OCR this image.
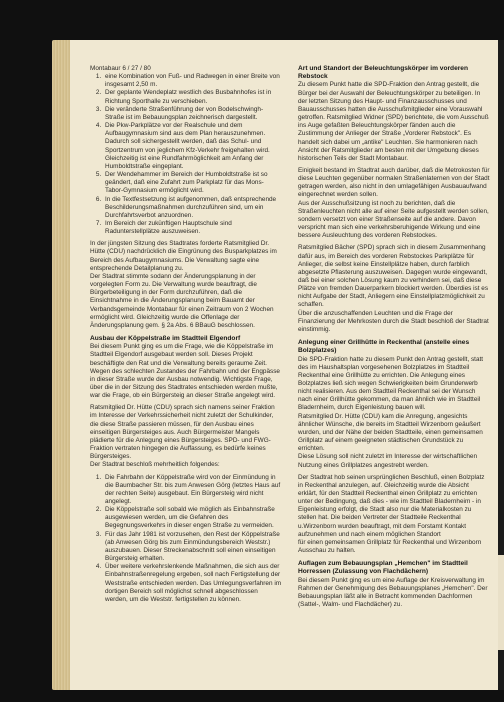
Montabaur 6 / 27 / 80

1. eine Kombination von Fuß- und Radwegen in einer Breite von insgesamt 2,50 m.
2. Der geplante Wendeplatz westlich des Busbahnhofes ist in Richtung Sporthalle zu verschieben.
3. Die veränderte Straßenführung der von Bodelschwingh-Straße ist im Bebauungsplan zeichnerisch dargestellt.
4. Die Pkw-Parkplätze vor der Realschule und dem Aufbaugymnasium sind aus dem Plan herauszunehmen. Dadurch soll sichergestellt werden, daß das Schul- und Sportzentrum von jeglichem Kfz-Verkehr freigehalten wird. Gleichzeitig ist eine Rundfahrmöglichkeit am Anfang der Humboldtstraße eingeplant.
5. Der Wendehammer im Bereich der Humboldtstraße ist so geändert, daß eine Zufahrt zum Parkplatz für das Mons- Tabor-Gymnasium ermöglicht wird.
6. In die Textfestsetzung ist aufgenommen, daß entsprechende Beschilderungsmaßnahmen durchzuführen sind, um ein Durchfahrtsverbot anzuordnen.
7. Im Bereich der zukünftigen Hauptschule sind Radunterstellplätze auszuweisen.

In der jüngsten Sitzung des Stadtrates forderte Ratsmitglied Dr. Hütte (CDU) nachdrücklich die Eingrünung des Busparkplatzes im Bereich des Aufbaugymnasiums. Die Verwaltung sagte eine entsprechende Detailplanung zu.

Der Stadtrat stimmte sodann der Änderungsplanung in der vorgelegten Form zu. Die Verwaltung wurde beauftragt, die Bürgerbeteiligung in der Form durchzuführen, daß die Einsichtnahme in die Änderungsplanung beim Bauamt der Verbandsgemeinde Montabaur für einen Zeitraum von 2 Wochen ermöglicht wird. Gleichzeitig wurde die Offenlage der Änderungsplanung gem. § 2a Abs. 6 BBauG beschlossen.

Ausbau der Köppelstraße im Stadtteil Elgendorf

Bei diesem Punkt ging es um die Frage, wie die Köppelstraße im Stadtteil Elgendorf ausgebaut werden soll. Dieses Projekt beschäftigte den Rat und die Verwaltung bereits geraume Zeit. Wegen des schlechten Zustandes der Fahrbahn und der Engpässe in dieser Straße wurde der Ausbau notwendig. Wichtigste Frage, über die in der Sitzung des Stadtrates entschieden werden mußte, war die Frage, ob ein Bürgersteig an dieser Straße angelegt wird.

Ratsmitglied Dr. Hütte (CDU) sprach sich namens seiner Fraktion im Interesse der Verkehrssicherheit nicht zuletzt der Schulkinder, die diese Straße passieren müssen, für den Ausbau eines einseitigen Bürgersteiges aus. Auch Bürgermeister Mangels plädierte für die Anlegung eines Bürgersteiges. SPD- und FWG-Fraktion vertraten hingegen die Auffassung, es bedürfe keines Bürgersteiges.

Der Stadtrat beschloß mehrheitlich folgendes:

1. Die Fahrbahn der Köppelstraße wird von der Einmündung in die Baumbacher Str. bis zum Anwesen Görg (letztes Haus auf der rechten Seite) ausgebaut. Ein Bürgersteig wird nicht angelegt.
2. Die Köppelstraße soll sobald wie möglich als Einbahnstraße ausgewiesen werden, um die Gefahren des Begegnungsverkehrs in dieser engen Straße zu vermeiden.
3. Für das Jahr 1981 ist vorzusehen, den Rest der Köppelstraße (ab Anwesen Görg bis zum Einmündungsbereich Weststr.) auszubauen. Dieser Streckenabschnitt soll einen einseitigen Bürgersteig erhalten.
4. Über weitere verkehrslenkende Maßnahmen, die sich aus der Einbahnstraßenregelung ergeben, soll nach Fertigstellung der Weststraße entschieden werden. Das Umlegungsverfahren im dortigen Bereich soll möglichst schnell abgeschlossen werden, um die Weststr. fertigstellen zu können.
Art und Standort der Beleuchtungskörper im vorderen Rebstock

Zu diesem Punkt hatte die SPD-Fraktion den Antrag gestellt, die Bürger bei der Auswahl der Beleuchtungskörper zu beteiligen. In der letzten Sitzung des Haupt- und Finanzausschusses und Bauausschusses hatten die Ausschußmitglieder eine Vorauswahl getroffen. Ratsmitglied Widner (SPD) berichtete, die vom Ausschuß ins Auge gefaßten Beleuchtungskörper fänden auch die Zustimmung der Anlieger der Straße „Vorderer Rebstock". Es handelt sich dabei um „antike" Leuchten. Sie harmonieren nach Ansicht der Ratsmitglieder am besten mit der Umgebung dieses historischen Teils der Stadt Montabaur.

Einigkeit bestand im Stadtrat auch darüber, daß die Metrokosten für diese Leuchten gegenüber normalen Straßenlaternen von der Stadt getragen werden, also nicht in den umlagefähigen Ausbauaufwand eingerechnet werden sollen.

Aus der Ausschußsitzung ist noch zu berichten, daß die Straßenleuchten nicht alle auf einer Seite aufgestellt werden sollen, sondern versetzt von einer Straßenseite auf die andere. Davon verspricht man sich eine verkehrsberuhigende Wirkung und eine bessere Ausleuchtung des vorderen Rebstockes.

Ratsmitglied Bächer (SPD) sprach sich in diesem Zusammenhang dafür aus, im Bereich des vorderen Rebstockes Parkplätze für Anlieger, die selbst keine Einstellplätze haben, durch farblich abgesetzte Pflasterung auszuweisen. Dagegen wurde eingewandt, daß bei einer solchen Lösung kaum zu verhindern sei, daß diese Plätze von fremden Dauerparkern blockiert werden. Überdies ist es nicht Aufgabe der Stadt, Anliegern eine Einstellplatzmöglichkeit zu schaffen.

Über die anzuschaffenden Leuchten und die Frage der Finanzierung der Mehrkosten durch die Stadt beschloß der Stadtrat einstimmig.

Anlegung einer Grillhütte in Reckenthal (anstelle eines Bolzplatzes)

Die SPD-Fraktion hatte zu diesem Punkt den Antrag gestellt, statt des im Haushaltsplan vorgesehenen Bolzplatzes im Stadtteil Reckenthal eine Grillhütte zu errichten. Die Anlegung eines Bolzplatzes ließ sich wegen Schwierigkeiten beim Grunderwerb nicht realisieren. Aus dem Stadtteil Reckenthal sei der Wunsch nach einer Grillhütte gekommen, da man ähnlich wie im Stadtteil Bladernheim, durch Eigenleistung bauen will.

Ratsmitglied Dr. Hütte (CDU) kam die Anregung, angesichts ähnlicher Wünsche, die bereits im Stadtteil Wirzenborn geäußert wurden, und der Nähe der beiden Stadtteile, einen gemeinsamen Grillplatz auf einem geeigneten städtischen Grundstück zu errichten.

Diese Lösung soll nicht zuletzt im Interesse der wirtschaftlichen Nutzung eines Grillplatzes angestrebt werden.

Der Stadtrat hob seinen ursprünglichen Beschluß, einen Bolzplatz in Reckenthal anzulegen, auf. Gleichzeitig wurde die Absicht erklärt, für den Stadtteil Reckenthal einen Grillplatz zu errichten unter der Bedingung, daß dies - wie im Stadtteil Bladernheim - in Eigenleistung erfolgt, die Stadt also nur die Materialkosten zu stellen hat. Die beiden Vertreter der Stadtteile Reckenthal u.Wirzenborn wurden beauftragt, mit dem Forstamt Kontakt aufzunehmen und nach einem möglichen Standort

für einen gemeinsamen Grillplatz für Reckenthal und Wirzenborn Ausschau zu halten.

Auflagen zum Bebauungsplan „Hemchen" im Stadtteil Horressen (Zulassung von Flachdächern)

Bei diesem Punkt ging es um eine Auflage der Kreisverwaltung im Rahmen der Genehmigung des Bebauungsplanes „Hemchen". Der Bebauungsplan läßt alle in Betracht kommenden Dachformen (Sattel-, Walm- und Flachdächer) zu.
